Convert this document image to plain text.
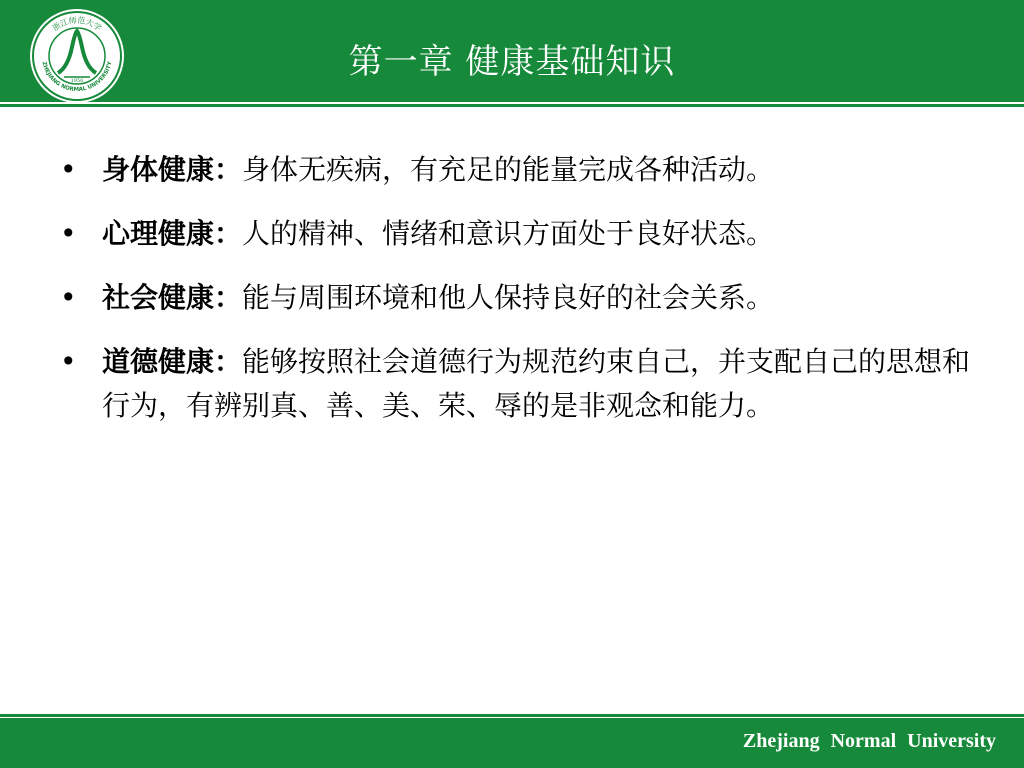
1956
浙江师范大学
ZHEJIANG NORMAL UNIVERSITY	第一章 健康基础知识
• 身体健康：身体无疾病，有充足的能量完成各种活动。
• 心理健康：人的精神、情绪和意识方面处于良好状态。
• 社会健康：能与周围环境和他人保持良好的社会关系。
• 道德健康：能够按照社会道德行为规范约束自己，并支配自己的思想和行为，有辨别真、善、美、荣、辱的是非观念和能力。
Zhejiang Normal University
